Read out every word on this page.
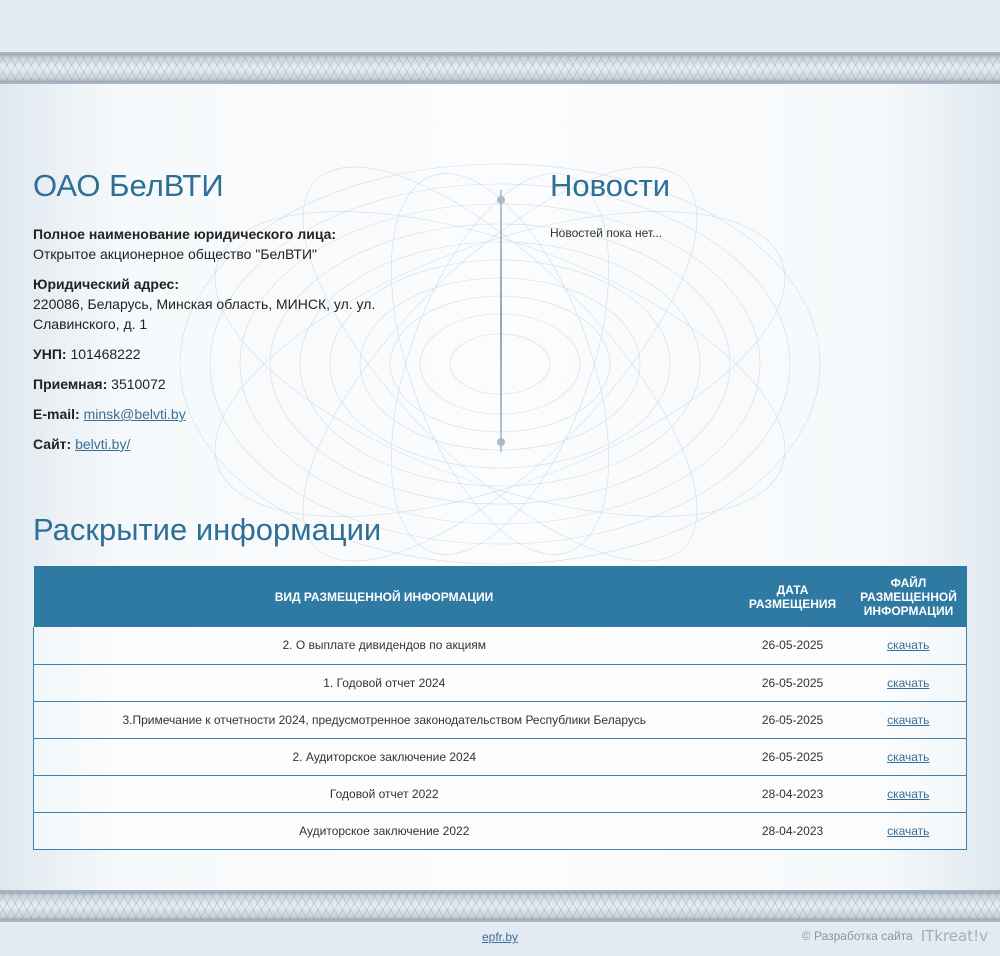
ОАО БелВТИ
Полное наименование юридического лица:
Открытое акционерное общество "БелВТИ"
Юридический адрес:
220086, Беларусь, Минская область, МИНСК, ул. ул. Славинского, д. 1
УНП: 101468222
Приемная: 3510072
E-mail: minsk@belvti.by
Сайт: belvti.by/
Новости
Новостей пока нет...
Раскрытие информации
ВИД РАЗМЕЩЕННОЙ ИНФОРМАЦИИ	ДАТА РАЗМЕЩЕНИЯ	ФАЙЛ РАЗМЕЩЕННОЙ ИНФОРМАЦИИ
2. О выплате дивидендов по акциям	26-05-2025	скачать
1. Годовой отчет 2024	26-05-2025	скачать
3.Примечание к отчетности 2024, предусмотренное законодательством Республики Беларусь	26-05-2025	скачать
2. Аудиторское заключение 2024	26-05-2025	скачать
Годовой отчет 2022	28-04-2023	скачать
Аудиторское заключение 2022	28-04-2023	скачать
epfr.by	© Разработка сайта ITkreat!v
